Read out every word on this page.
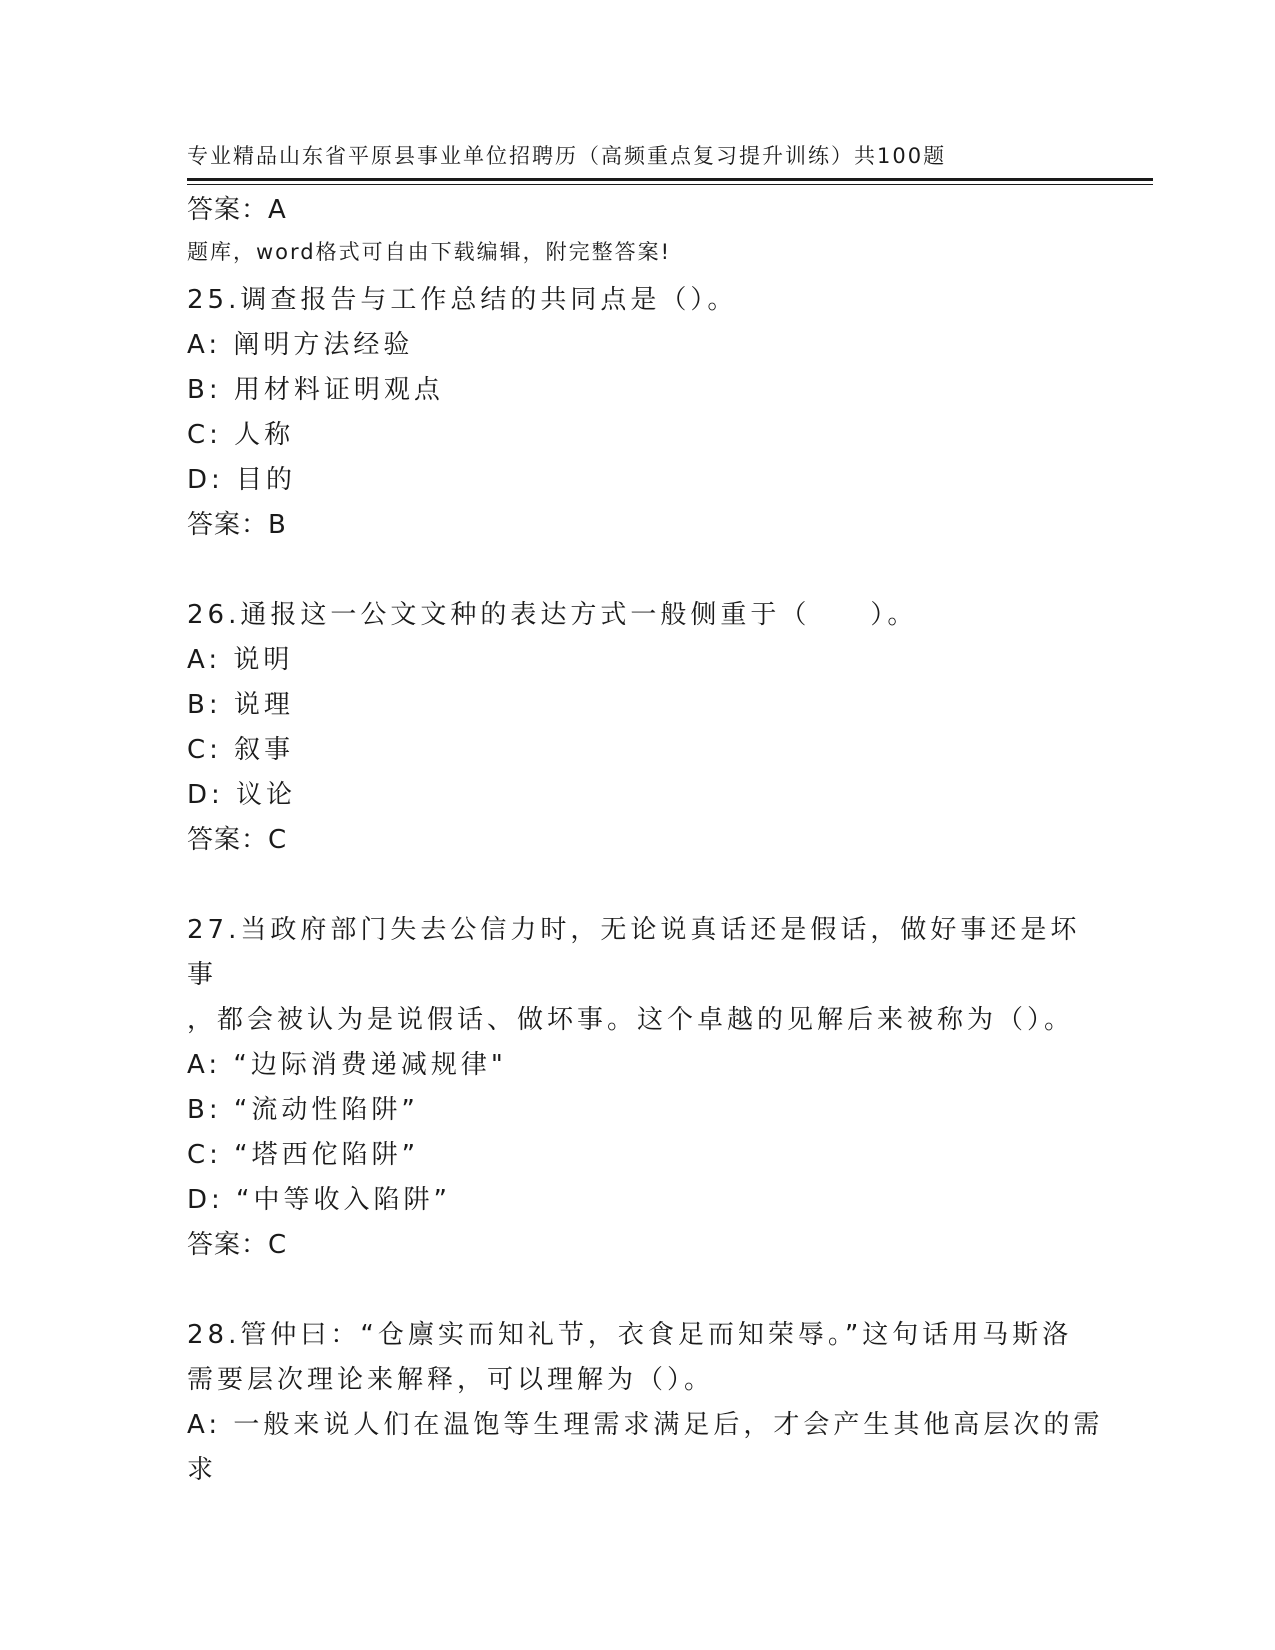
专业精品山东省平原县事业单位招聘历（高频重点复习提升训练）共100题

题库，word格式可自由下载编辑，附完整答案!

答案：A
25.调查报告与工作总结的共同点是（）。
A: 阐明方法经验
B: 用材料证明观点
C: 人称
D: 目的
答案：B
26.通报这一公文文种的表达方式一般侧重于（　　）。
A: 说明
B: 说理
C: 叙事
D: 议论
答案：C
27.当政府部门失去公信力时，无论说真话还是假话，做好事还是坏事
，都会被认为是说假话、做坏事。这个卓越的见解后来被称为（）。
A: “边际消费递减规律"
B: “流动性陷阱”
C: “塔西佗陷阱”
D: “中等收入陷阱”
答案：C
28.管仲曰：“仓廪实而知礼节，衣食足而知荣辱。”这句话用马斯洛
需要层次理论来解释，可以理解为（）。
A: 一般来说人们在温饱等生理需求满足后，才会产生其他高层次的需
求
